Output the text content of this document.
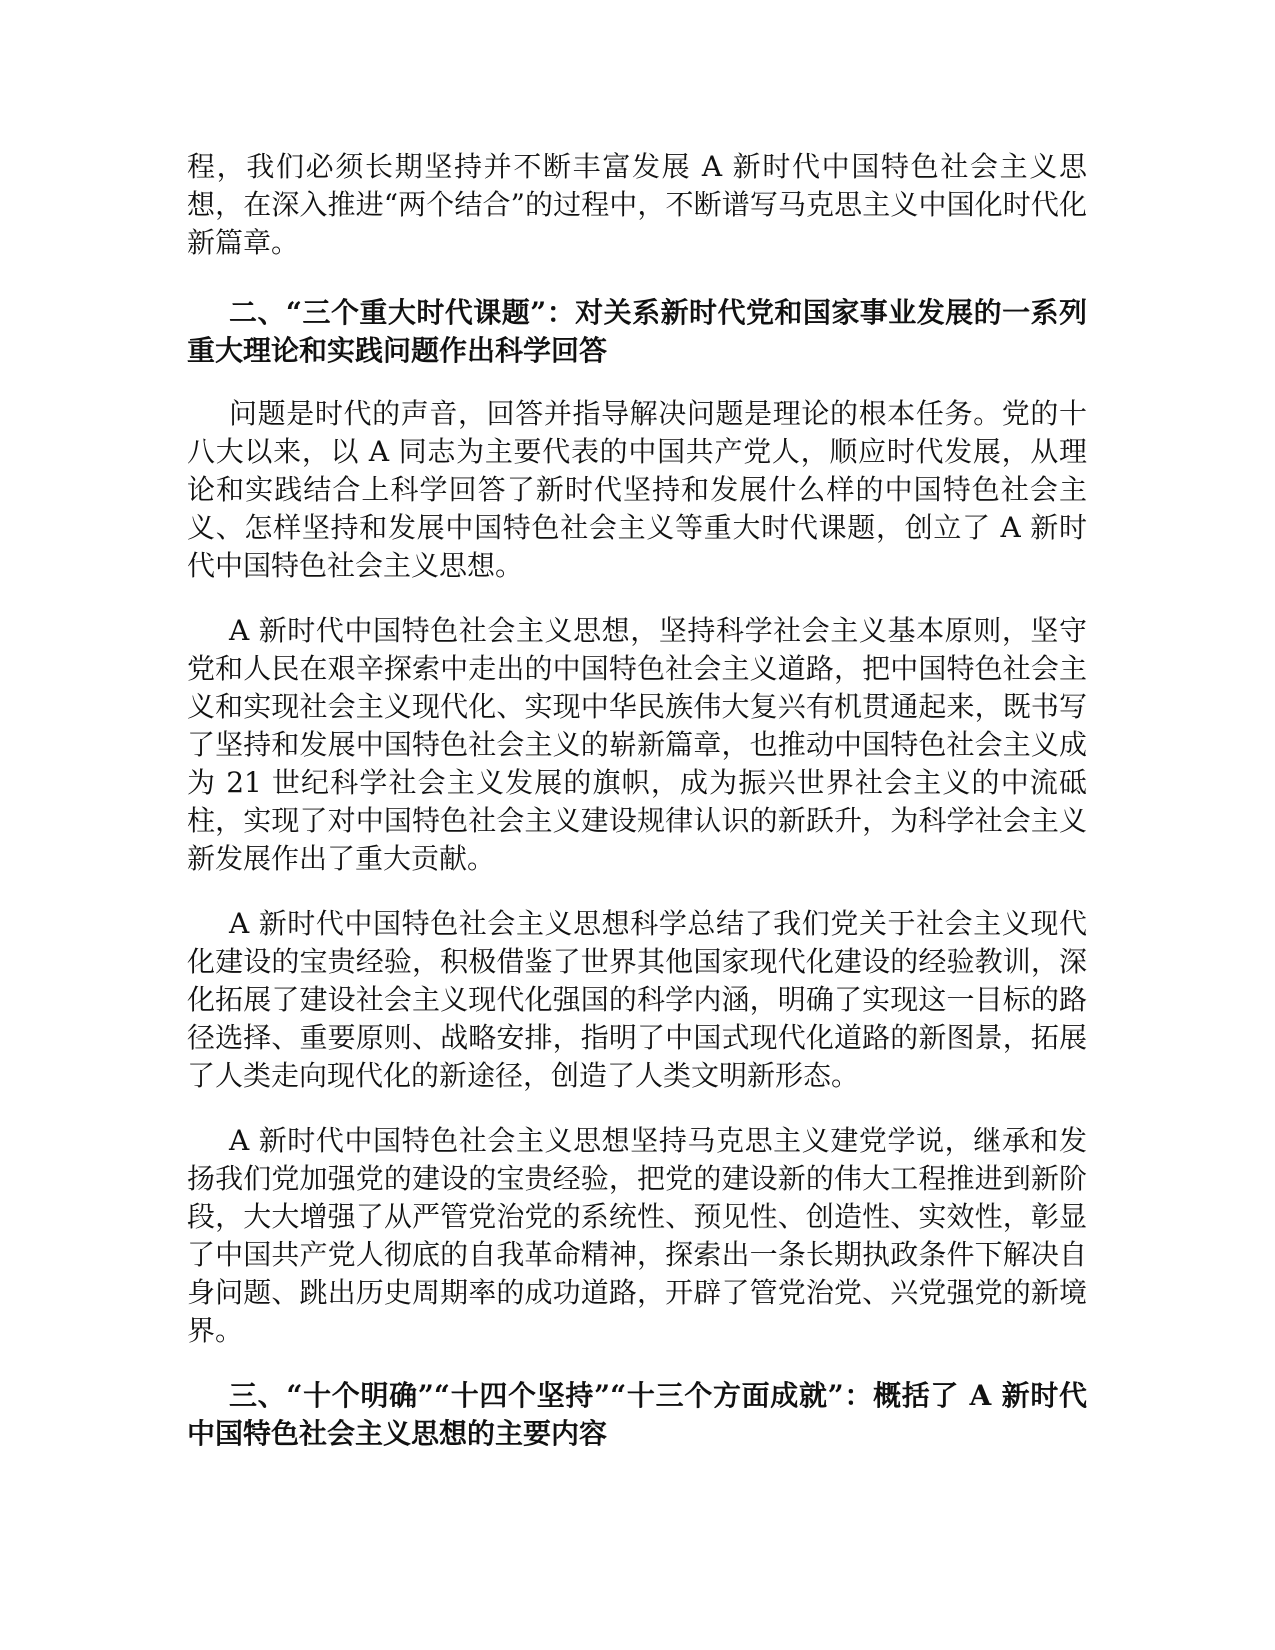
程，我们必须长期坚持并不断丰富发展 A 新时代中国特色社会主义思想，在深入推进“两个结合”的过程中，不断谱写马克思主义中国化时代化新篇章。

二、“三个重大时代课题”：对关系新时代党和国家事业发展的一系列重大理论和实践问题作出科学回答

问题是时代的声音，回答并指导解决问题是理论的根本任务。党的十八大以来，以 A 同志为主要代表的中国共产党人，顺应时代发展，从理论和实践结合上科学回答了新时代坚持和发展什么样的中国特色社会主义、怎样坚持和发展中国特色社会主义等重大时代课题，创立了 A 新时代中国特色社会主义思想。

A 新时代中国特色社会主义思想，坚持科学社会主义基本原则，坚守党和人民在艰辛探索中走出的中国特色社会主义道路，把中国特色社会主义和实现社会主义现代化、实现中华民族伟大复兴有机贯通起来，既书写了坚持和发展中国特色社会主义的崭新篇章，也推动中国特色社会主义成为 21 世纪科学社会主义发展的旗帜，成为振兴世界社会主义的中流砥柱，实现了对中国特色社会主义建设规律认识的新跃升，为科学社会主义新发展作出了重大贡献。

A 新时代中国特色社会主义思想科学总结了我们党关于社会主义现代化建设的宝贵经验，积极借鉴了世界其他国家现代化建设的经验教训，深化拓展了建设社会主义现代化强国的科学内涵，明确了实现这一目标的路径选择、重要原则、战略安排，指明了中国式现代化道路的新图景，拓展了人类走向现代化的新途径，创造了人类文明新形态。

A 新时代中国特色社会主义思想坚持马克思主义建党学说，继承和发扬我们党加强党的建设的宝贵经验，把党的建设新的伟大工程推进到新阶段，大大增强了从严管党治党的系统性、预见性、创造性、实效性，彰显了中国共产党人彻底的自我革命精神，探索出一条长期执政条件下解决自身问题、跳出历史周期率的成功道路，开辟了管党治党、兴党强党的新境界。

三、“十个明确”“十四个坚持”“十三个方面成就”：概括了 A 新时代中国特色社会主义思想的主要内容
